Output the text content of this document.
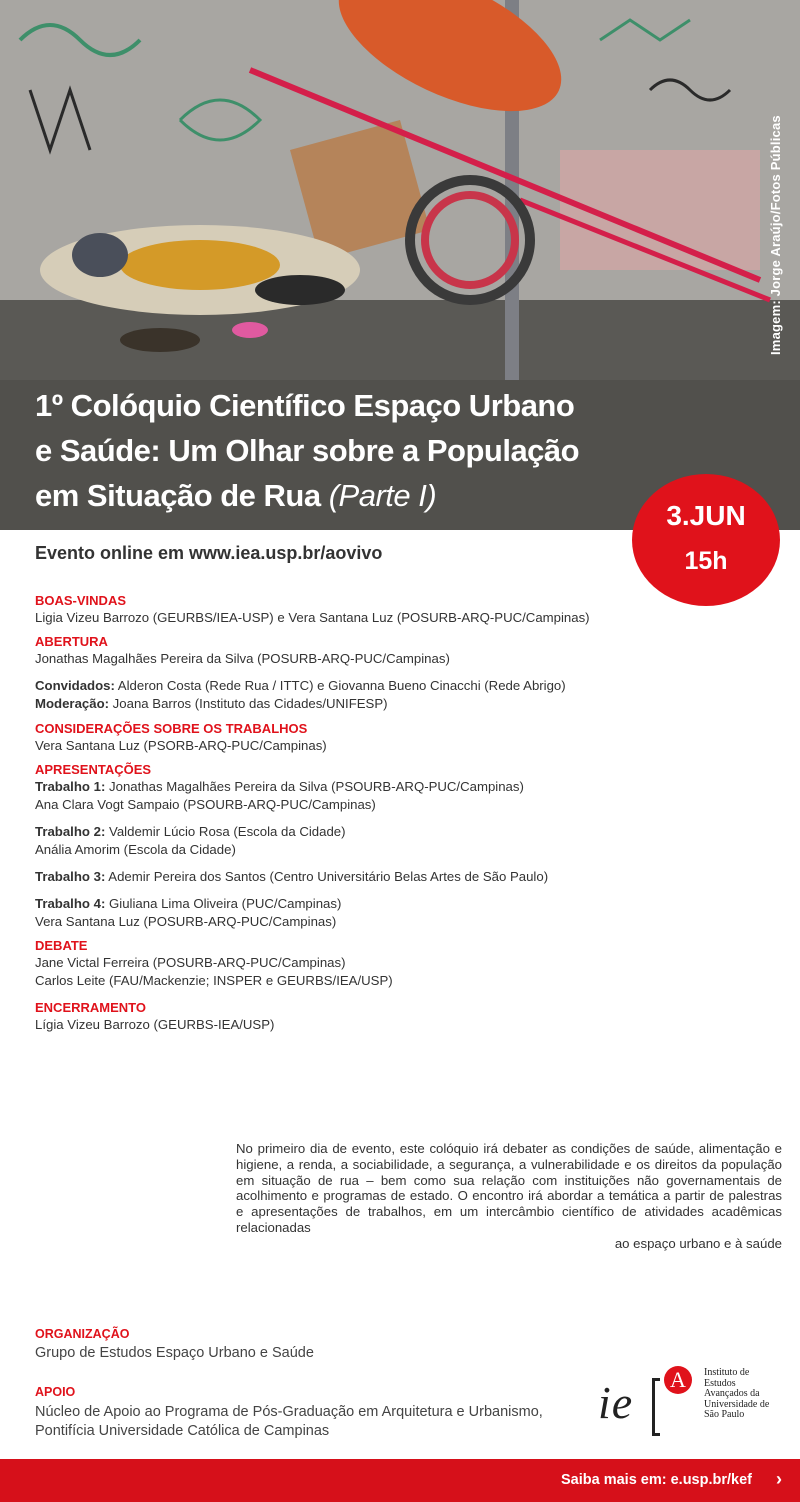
Imagem: Jorge Araújo/Fotos Públicas
1º Colóquio Científico Espaço Urbano
e Saúde: Um Olhar sobre a População
em Situação de Rua (Parte I)
3.JUN
15h
Evento online em www.iea.usp.br/aovivo
BOAS-VINDAS
Ligia Vizeu Barrozo (GEURBS/IEA-USP) e Vera Santana Luz (POSURB-ARQ-PUC/Campinas)
ABERTURA
Jonathas Magalhães Pereira da Silva (POSURB-ARQ-PUC/Campinas)
Convidados: Alderon Costa (Rede Rua / ITTC) e Giovanna Bueno Cinacchi (Rede Abrigo)
Moderação: Joana Barros (Instituto das Cidades/UNIFESP)
CONSIDERAÇÕES SOBRE OS TRABALHOS
Vera Santana Luz (PSORB-ARQ-PUC/Campinas)
APRESENTAÇÕES
Trabalho 1: Jonathas Magalhães Pereira da Silva (PSOURB-ARQ-PUC/Campinas)
Ana Clara Vogt Sampaio (PSOURB-ARQ-PUC/Campinas)
Trabalho 2: Valdemir Lúcio Rosa (Escola da Cidade)
Anália Amorim (Escola da Cidade)
Trabalho 3: Ademir Pereira dos Santos (Centro Universitário Belas Artes de São Paulo)
Trabalho 4: Giuliana Lima Oliveira (PUC/Campinas)
Vera Santana Luz (POSURB-ARQ-PUC/Campinas)
DEBATE
Jane Victal Ferreira (POSURB-ARQ-PUC/Campinas)
Carlos Leite (FAU/Mackenzie; INSPER e GEURBS/IEA/USP)
ENCERRAMENTO
Lígia Vizeu Barrozo (GEURBS-IEA/USP)
No primeiro dia de evento, este colóquio irá debater as condições de saúde, alimentação e higiene, a renda, a sociabilidade, a segurança, a vulnerabilidade e os direitos da população em situação de rua – bem como sua relação com instituições não governamentais de acolhimento e programas de estado. O encontro irá abordar a temática a partir de palestras e apresentações de trabalhos, em um intercâmbio científico de atividades acadêmicas relacionadas
ao espaço urbano e à saúde
ORGANIZAÇÃO
Grupo de Estudos Espaço Urbano e Saúde
APOIO
Núcleo de Apoio ao Programa de Pós-Graduação em Arquitetura e Urbanismo, Pontifícia Universidade Católica de Campinas
ie A	Instituto de
Estudos
Avançados da
Universidade de
São Paulo
Saiba mais em: e.usp.br/kef ›
